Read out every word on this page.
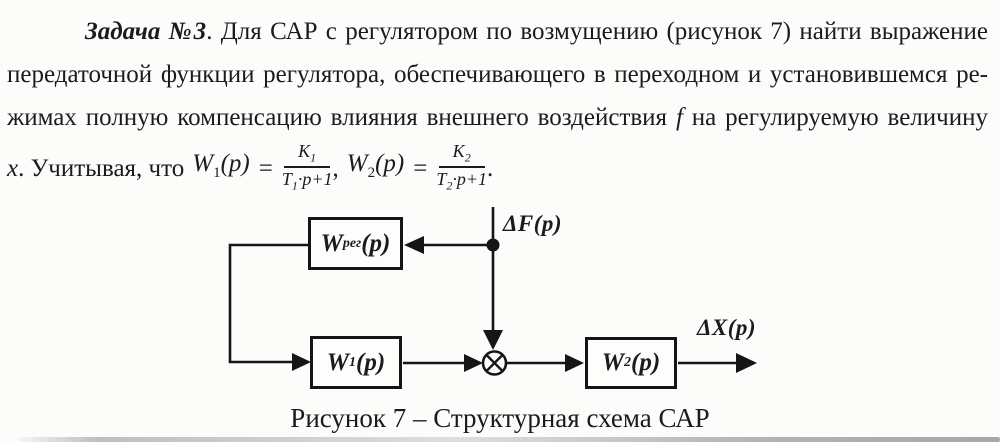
Задача №3. Для САР с регулятором по возмущению (рисунок 7) найти выражение
передаточной функции регулятора, обеспечивающего в переходном и установившемся ре-
жимах полную компенсацию влияния внешнего воздействия f на регулируемую величину
x . Учитывая, что $W_1(p) = \frac{K_1}{T_1\cdot p+1}$ , $W_2(p) = \frac{K_2}{T_2\cdot p+1}$ .
W рег (p)
W 1 (p)	W 2 (p)
ΔF(p)
ΔX(p)
Рисунок 7 – Структурная схема САР
